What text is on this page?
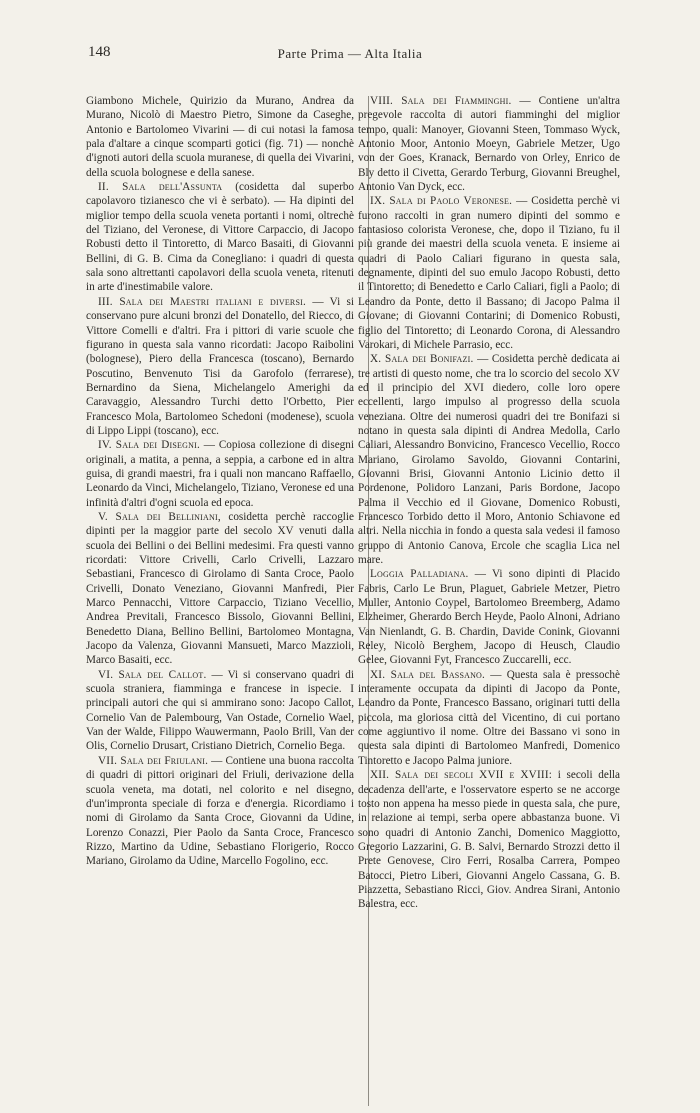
148	Parte Prima — Alta Italia

Giambono Michele, Quirizio da Murano, Andrea da Murano, Nicolò di Maestro Pietro, Simone da Caseghe, Antonio e Bartolomeo Vivarini — di cui notasi la famosa pala d'altare a cinque scomparti gotici (fig. 71) — nonchè d'ignoti autori della scuola muranese, di quella dei Vivarini, della scuola bolognese e della sanese.

II. Sala dell'Assunta (cosidetta dal superbo capolavoro tizianesco che vi è serbato). — Ha dipinti del miglior tempo della scuola veneta portanti i nomi, oltrechè del Tiziano, del Veronese, di Vittore Carpaccio, di Jacopo Robusti detto il Tintoretto, di Marco Basaiti, di Giovanni Bellini, di G. B. Cima da Conegliano: i quadri di questa sala sono altrettanti capolavori della scuola veneta, ritenuti in arte d'inestimabile valore.

III. Sala dei Maestri italiani e diversi. — Vi si conservano pure alcuni bronzi del Donatello, del Riecco, di Vittore Comelli e d'altri. Fra i pittori di varie scuole che figurano in questa sala vanno ricordati: Jacopo Raibolini (bolognese), Piero della Francesca (toscano), Bernardo Poscutino, Benvenuto Tisi da Garofolo (ferrarese), Bernardino da Siena, Michelangelo Amerighi da Caravaggio, Alessandro Turchi detto l'Orbetto, Pier Francesco Mola, Bartolomeo Schedoni (modenese), scuola di Lippo Lippi (toscano), ecc.

IV. Sala dei Disegni. — Copiosa collezione di disegni originali, a matita, a penna, a seppia, a carbone ed in altra guisa, di grandi maestri, fra i quali non mancano Raffaello, Leonardo da Vinci, Michelangelo, Tiziano, Veronese ed una infinità d'altri d'ogni scuola ed epoca.

V. Sala dei Belliniani, cosidetta perchè raccoglie dipinti per la maggior parte del secolo XV venuti dalla scuola dei Bellini o dei Bellini medesimi. Fra questi vanno ricordati: Vittore Crivelli, Carlo Crivelli, Lazzaro Sebastiani, Francesco di Girolamo di Santa Croce, Paolo Crivelli, Donato Veneziano, Giovanni Manfredi, Pier Marco Pennacchi, Vittore Carpaccio, Tiziano Vecellio, Andrea Previtali, Francesco Bissolo, Giovanni Bellini, Benedetto Diana, Bellino Bellini, Bartolomeo Montagna, Jacopo da Valenza, Giovanni Mansueti, Marco Mazzioli, Marco Basaiti, ecc.

VI. Sala del Callot. — Vi si conservano quadri di scuola straniera, fiamminga e francese in ispecie. I principali autori che qui si ammirano sono: Jacopo Callot, Cornelio Van de Palembourg, Van Ostade, Cornelio Wael, Van der Walde, Filippo Wauwermann, Paolo Brill, Van der Olis, Cornelio Drusart, Cristiano Dietrich, Cornelio Bega.

VII. Sala dei Friulani. — Contiene una buona raccolta di quadri di pittori originari del Friuli, derivazione della scuola veneta, ma dotati, nel colorito e nel disegno, d'un'impronta speciale di forza e d'energia. Ricordiamo i nomi di Girolamo da Santa Croce, Giovanni da Udine, Lorenzo Conazzi, Pier Paolo da Santa Croce, Francesco Rizzo, Martino da Udine, Sebastiano Florigerio, Rocco Mariano, Girolamo da Udine, Marcello Fogolino, ecc.

VIII. Sala dei Fiamminghi. — Contiene un'altra pregevole raccolta di autori fiamminghi del miglior tempo, quali: Manoyer, Giovanni Steen, Tommaso Wyck, Antonio Moor, Antonio Moeyn, Gabriele Metzer, Ugo von der Goes, Kranack, Bernardo von Orley, Enrico de Bly detto il Civetta, Gerardo Terburg, Giovanni Breughel, Antonio Van Dyck, ecc.

IX. Sala di Paolo Veronese. — Cosidetta perchè vi furono raccolti in gran numero dipinti del sommo e fantasioso colorista Veronese, che, dopo il Tiziano, fu il più grande dei maestri della scuola veneta. E insieme ai quadri di Paolo Caliari figurano in questa sala, degnamente, dipinti del suo emulo Jacopo Robusti, detto il Tintoretto; di Benedetto e Carlo Caliari, figli a Paolo; di Leandro da Ponte, detto il Bassano; di Jacopo Palma il Giovane; di Giovanni Contarini; di Domenico Robusti, figlio del Tintoretto; di Leonardo Corona, di Alessandro Varokari, di Michele Parrasio, ecc.

X. Sala dei Bonifazi. — Cosidetta perchè dedicata ai tre artisti di questo nome, che tra lo scorcio del secolo XV ed il principio del XVI diedero, colle loro opere eccellenti, largo impulso al progresso della scuola veneziana. Oltre dei numerosi quadri dei tre Bonifazi si notano in questa sala dipinti di Andrea Medolla, Carlo Caliari, Alessandro Bonvicino, Francesco Vecellio, Rocco Mariano, Girolamo Savoldo, Giovanni Contarini, Giovanni Brisi, Giovanni Antonio Licinio detto il Pordenone, Polidoro Lanzani, Paris Bordone, Jacopo Palma il Vecchio ed il Giovane, Domenico Robusti, Francesco Torbido detto il Moro, Antonio Schiavone ed altri. Nella nicchia in fondo a questa sala vedesi il famoso gruppo di Antonio Canova, Ercole che scaglia Lica nel mare.

Loggia Palladiana. — Vi sono dipinti di Placido Fabris, Carlo Le Brun, Plaguet, Gabriele Metzer, Pietro Muller, Antonio Coypel, Bartolomeo Breemberg, Adamo Elzheimer, Gherardo Berch Heyde, Paolo Alnoni, Adriano Van Nienlandt, G. B. Chardin, Davide Conink, Giovanni Reley, Nicolò Berghem, Jacopo di Heusch, Claudio Gelee, Giovanni Fyt, Francesco Zuccarelli, ecc.

XI. Sala del Bassano. — Questa sala è pressochè interamente occupata da dipinti di Jacopo da Ponte, Leandro da Ponte, Francesco Bassano, originari tutti della piccola, ma gloriosa città del Vicentino, di cui portano come aggiuntivo il nome. Oltre dei Bassano vi sono in questa sala dipinti di Bartolomeo Manfredi, Domenico Tintoretto e Jacopo Palma juniore.

XII. Sala dei secoli XVII e XVIII: i secoli della decadenza dell'arte, e l'osservatore esperto se ne accorge tosto non appena ha messo piede in questa sala, che pure, in relazione ai tempi, serba opere abbastanza buone. Vi sono quadri di Antonio Zanchi, Domenico Maggiotto, Gregorio Lazzarini, G. B. Salvi, Bernardo Strozzi detto il Prete Genovese, Ciro Ferri, Rosalba Carrera, Pompeo Batocci, Pietro Liberi, Giovanni Angelo Cassana, G. B. Piazzetta, Sebastiano Ricci, Giov. Andrea Sirani, Antonio Balestra, ecc.
